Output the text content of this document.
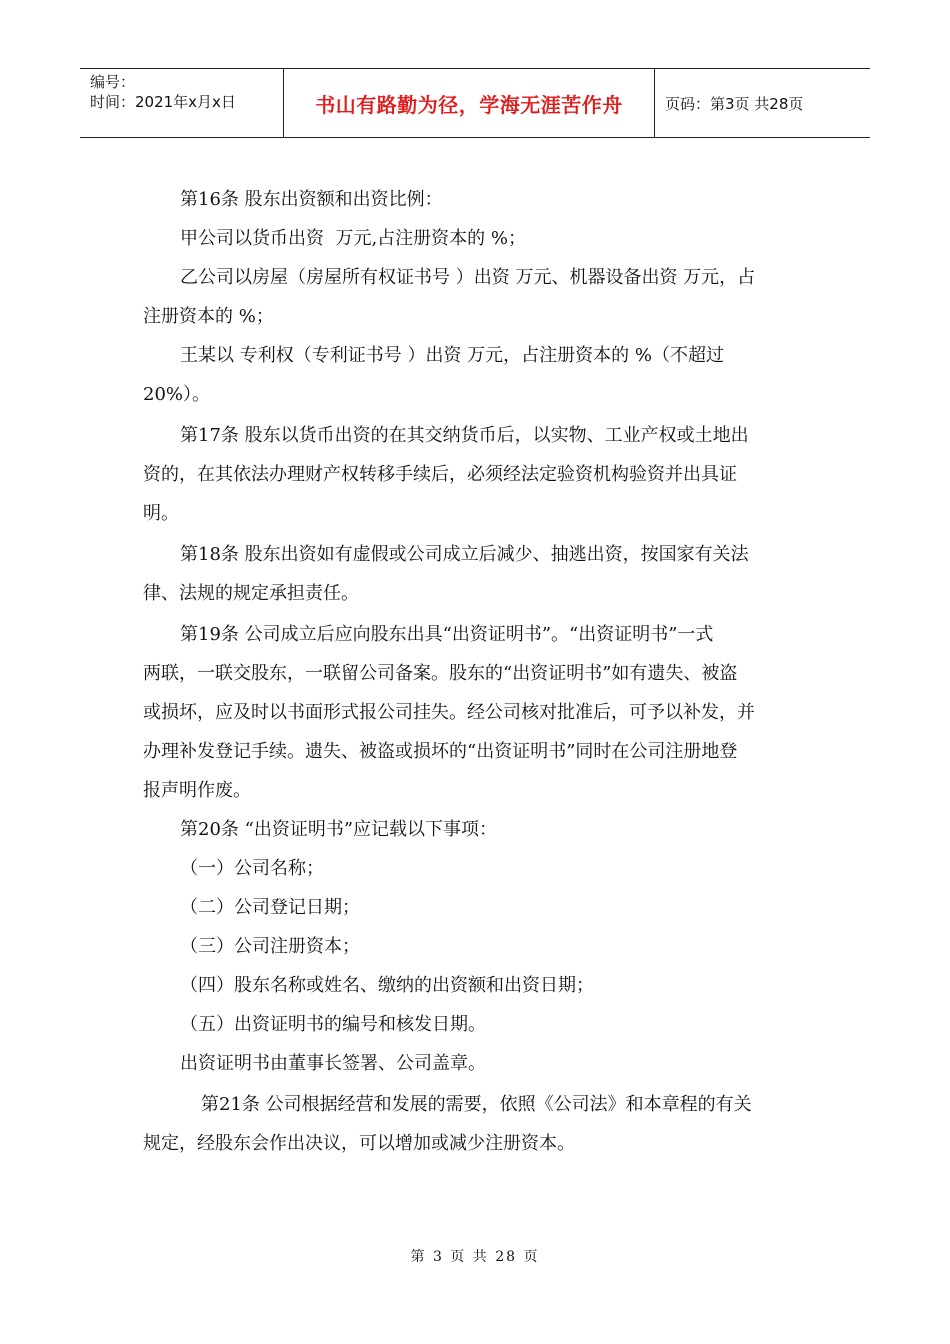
编号：
时间：2021年x月x日	书山有路勤为径，学海无涯苦作舟	页码：第3页 共28页
第16条 股东出资额和出资比例：
甲公司以货币出资  万元,占注册资本的 %；
乙公司以房屋（房屋所有权证书号 ）出资 万元、机器设备出资 万元，占
注册资本的 %；
王某以 专利权（专利证书号 ）出资 万元，占注册资本的 %（不超过
20%）。
第17条 股东以货币出资的在其交纳货币后，以实物、工业产权或土地出
资的，在其依法办理财产权转移手续后，必须经法定验资机构验资并出具证
明。
第18条 股东出资如有虚假或公司成立后减少、抽逃出资，按国家有关法
律、法规的规定承担责任。
第19条 公司成立后应向股东出具“出资证明书”。“出资证明书”一式
两联，一联交股东，一联留公司备案。股东的“出资证明书”如有遗失、被盗
或损坏，应及时以书面形式报公司挂失。经公司核对批准后，可予以补发，并
办理补发登记手续。遗失、被盗或损坏的“出资证明书”同时在公司注册地登
报声明作废。
第20条 “出资证明书”应记载以下事项：
（一）公司名称；
（二）公司登记日期；
（三）公司注册资本；
（四）股东名称或姓名、缴纳的出资额和出资日期；
（五）出资证明书的编号和核发日期。
出资证明书由董事长签署、公司盖章。
第21条 公司根据经营和发展的需要，依照《公司法》和本章程的有关
规定，经股东会作出决议，可以增加或减少注册资本。
第 3 页 共 28 页
